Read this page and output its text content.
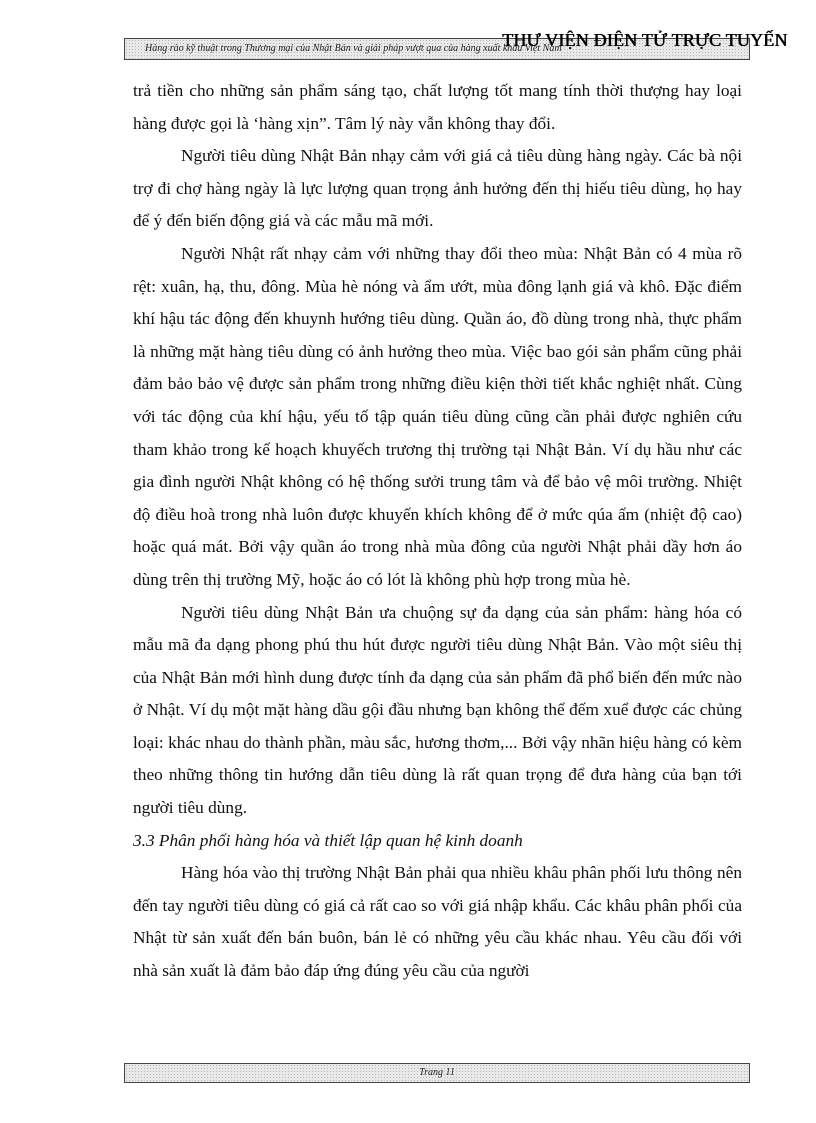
Hàng rào kỹ thuật trong Thương mại của Nhật Bản và giải pháp vượt qua của hàng xuất khẩu Việt Nam
THƯ VIỆN ĐIỆN TỬ TRỰC TUYẾN

trả tiền cho những sản phẩm sáng tạo, chất lượng tốt mang tính thời thượng hay loại hàng được gọi là ‘hàng xịn”. Tâm lý này vẫn không thay đổi.

Người tiêu dùng Nhật Bản nhạy cảm với giá cả tiêu dùng hàng ngày. Các bà nội trợ đi chợ hàng ngày là lực lượng quan trọng ảnh hưởng đến thị hiếu tiêu dùng, họ hay để ý đến biến động giá và các mẫu mã mới.

Người Nhật rất nhạy cảm với những thay đổi theo mùa: Nhật Bản có 4 mùa rõ rệt: xuân, hạ, thu, đông. Mùa hè nóng và ẩm ướt, mùa đông lạnh giá và khô. Đặc điểm khí hậu tác động đến khuynh hướng tiêu dùng. Quần áo, đồ dùng trong nhà, thực phẩm là những mặt hàng tiêu dùng có ảnh hưởng theo mùa. Việc bao gói sản phẩm cũng phải đảm bảo bảo vệ được sản phẩm trong những điều kiện thời tiết khắc nghiệt nhất. Cùng với tác động của khí hậu, yếu tố tập quán tiêu dùng cũng cần phải được nghiên cứu tham khảo trong kế hoạch khuyếch trương thị trường tại Nhật Bản. Ví dụ hầu như các gia đình người Nhật không có hệ thống sưởi trung tâm và để bảo vệ môi trường. Nhiệt độ điều hoà trong nhà luôn được khuyến khích không để ở mức qúa ấm (nhiệt độ cao) hoặc quá mát. Bởi vậy quần áo trong nhà mùa đông của người Nhật phải dầy hơn áo dùng trên thị trường Mỹ, hoặc áo có lót là không phù hợp trong mùa hè.

Người tiêu dùng Nhật Bản ưa chuộng sự đa dạng của sản phẩm: hàng hóa có mẫu mã đa dạng phong phú thu hút được người tiêu dùng Nhật Bản. Vào một siêu thị của Nhật Bản mới hình dung được tính đa dạng của sản phẩm đã phổ biến đến mức nào ở Nhật. Ví dụ một mặt hàng dầu gội đầu nhưng bạn không thể đếm xuể được các chủng loại: khác nhau do thành phần, màu sắc, hương thơm,... Bởi vậy nhãn hiệu hàng có kèm theo những thông tin hướng dẫn tiêu dùng là rất quan trọng để đưa hàng của bạn tới người tiêu dùng.

3.3 Phân phối hàng hóa và thiết lập quan hệ kinh doanh

Hàng hóa vào thị trường Nhật Bản phải qua nhiều khâu phân phối lưu thông nên đến tay người tiêu dùng có giá cả rất cao so với giá nhập khẩu. Các khâu phân phối của Nhật từ sản xuất đến bán buôn, bán lẻ có những yêu cầu khác nhau. Yêu cầu đối với nhà sản xuất là đảm bảo đáp ứng đúng yêu cầu của người

Trang 11
